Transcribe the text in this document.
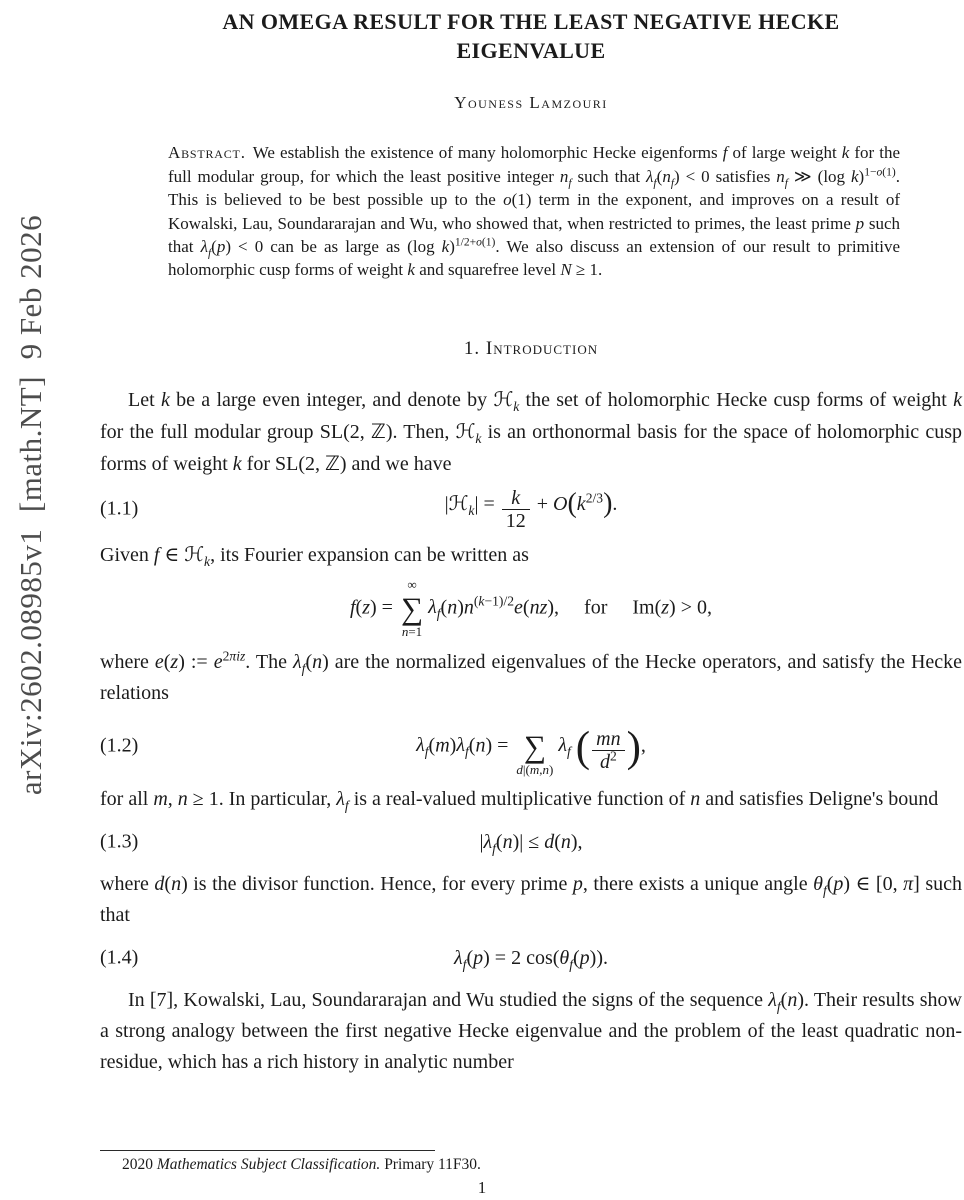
arXiv:2602.08985v1  [math.NT]  9 Feb 2026
AN OMEGA RESULT FOR THE LEAST NEGATIVE HECKE
EIGENVALUE
Youness Lamzouri
Abstract. We establish the existence of many holomorphic Hecke eigenforms f of large weight k for the full modular group, for which the least positive integer $n_f$ such that $\lambda_f(n_f) < 0$ satisfies $n_f$ ≫ (log k)$^{1-o(1)}$. This is believed to be best possible up to the o(1) term in the exponent, and improves on a result of Kowalski, Lau, Soundararajan and Wu, who showed that, when restricted to primes, the least prime p such that $\lambda_f(p) < 0$ can be as large as (log k)$^{1/2+o(1)}$. We also discuss an extension of our result to primitive holomorphic cusp forms of weight k and squarefree level N ≥ 1.
1. Introduction

Let k be a large even integer, and denote by ℋ$_k$ the set of holomorphic Hecke cusp forms of weight k for the full modular group SL(2, ℤ). Then, ℋ$_k$ is an orthonormal basis for the space of holomorphic cusp forms of weight k for SL(2, ℤ) and we have

(1.1)	|ℋ$_k$| = $\frac{k}{12} + O(k^{2/3})$.

Given f ∈ ℋ$_k$, its Fourier expansion can be written as

f(z) =
∞
∑
n=1
$\lambda_f(n)n^{(k-1)/2}e(nz)$,  for  Im(z) > 0,

where e(z) := $e^{2\pi iz}$. The $\lambda_f(n)$ are the normalized eigenvalues of the Hecke operators, and satisfy the Hecke relations

(1.2)	$\lambda_f(m)\lambda_f(n)$ =
∑
d|(m,n)
$\lambda_f$ ( $\frac{mn}{d^2}$ ),

for all m, n ≥ 1. In particular, $\lambda_f$ is a real-valued multiplicative function of n and satisfies Deligne's bound

(1.3)	$|\lambda_f(n)| \le d(n)$,

where d(n) is the divisor function. Hence, for every prime p, there exists a unique angle $\theta_f(p)$ ∈ [0, π] such that

(1.4)	$\lambda_f(p) = 2$ $\cos(\theta_f(p))$.

In [7], Kowalski, Lau, Soundararajan and Wu studied the signs of the sequence $\lambda_f(n)$. Their results show a strong analogy between the first negative Hecke eigenvalue and the problem of the least quadratic non-residue, which has a rich history in analytic number

2020 Mathematics Subject Classification. Primary 11F30.
1
